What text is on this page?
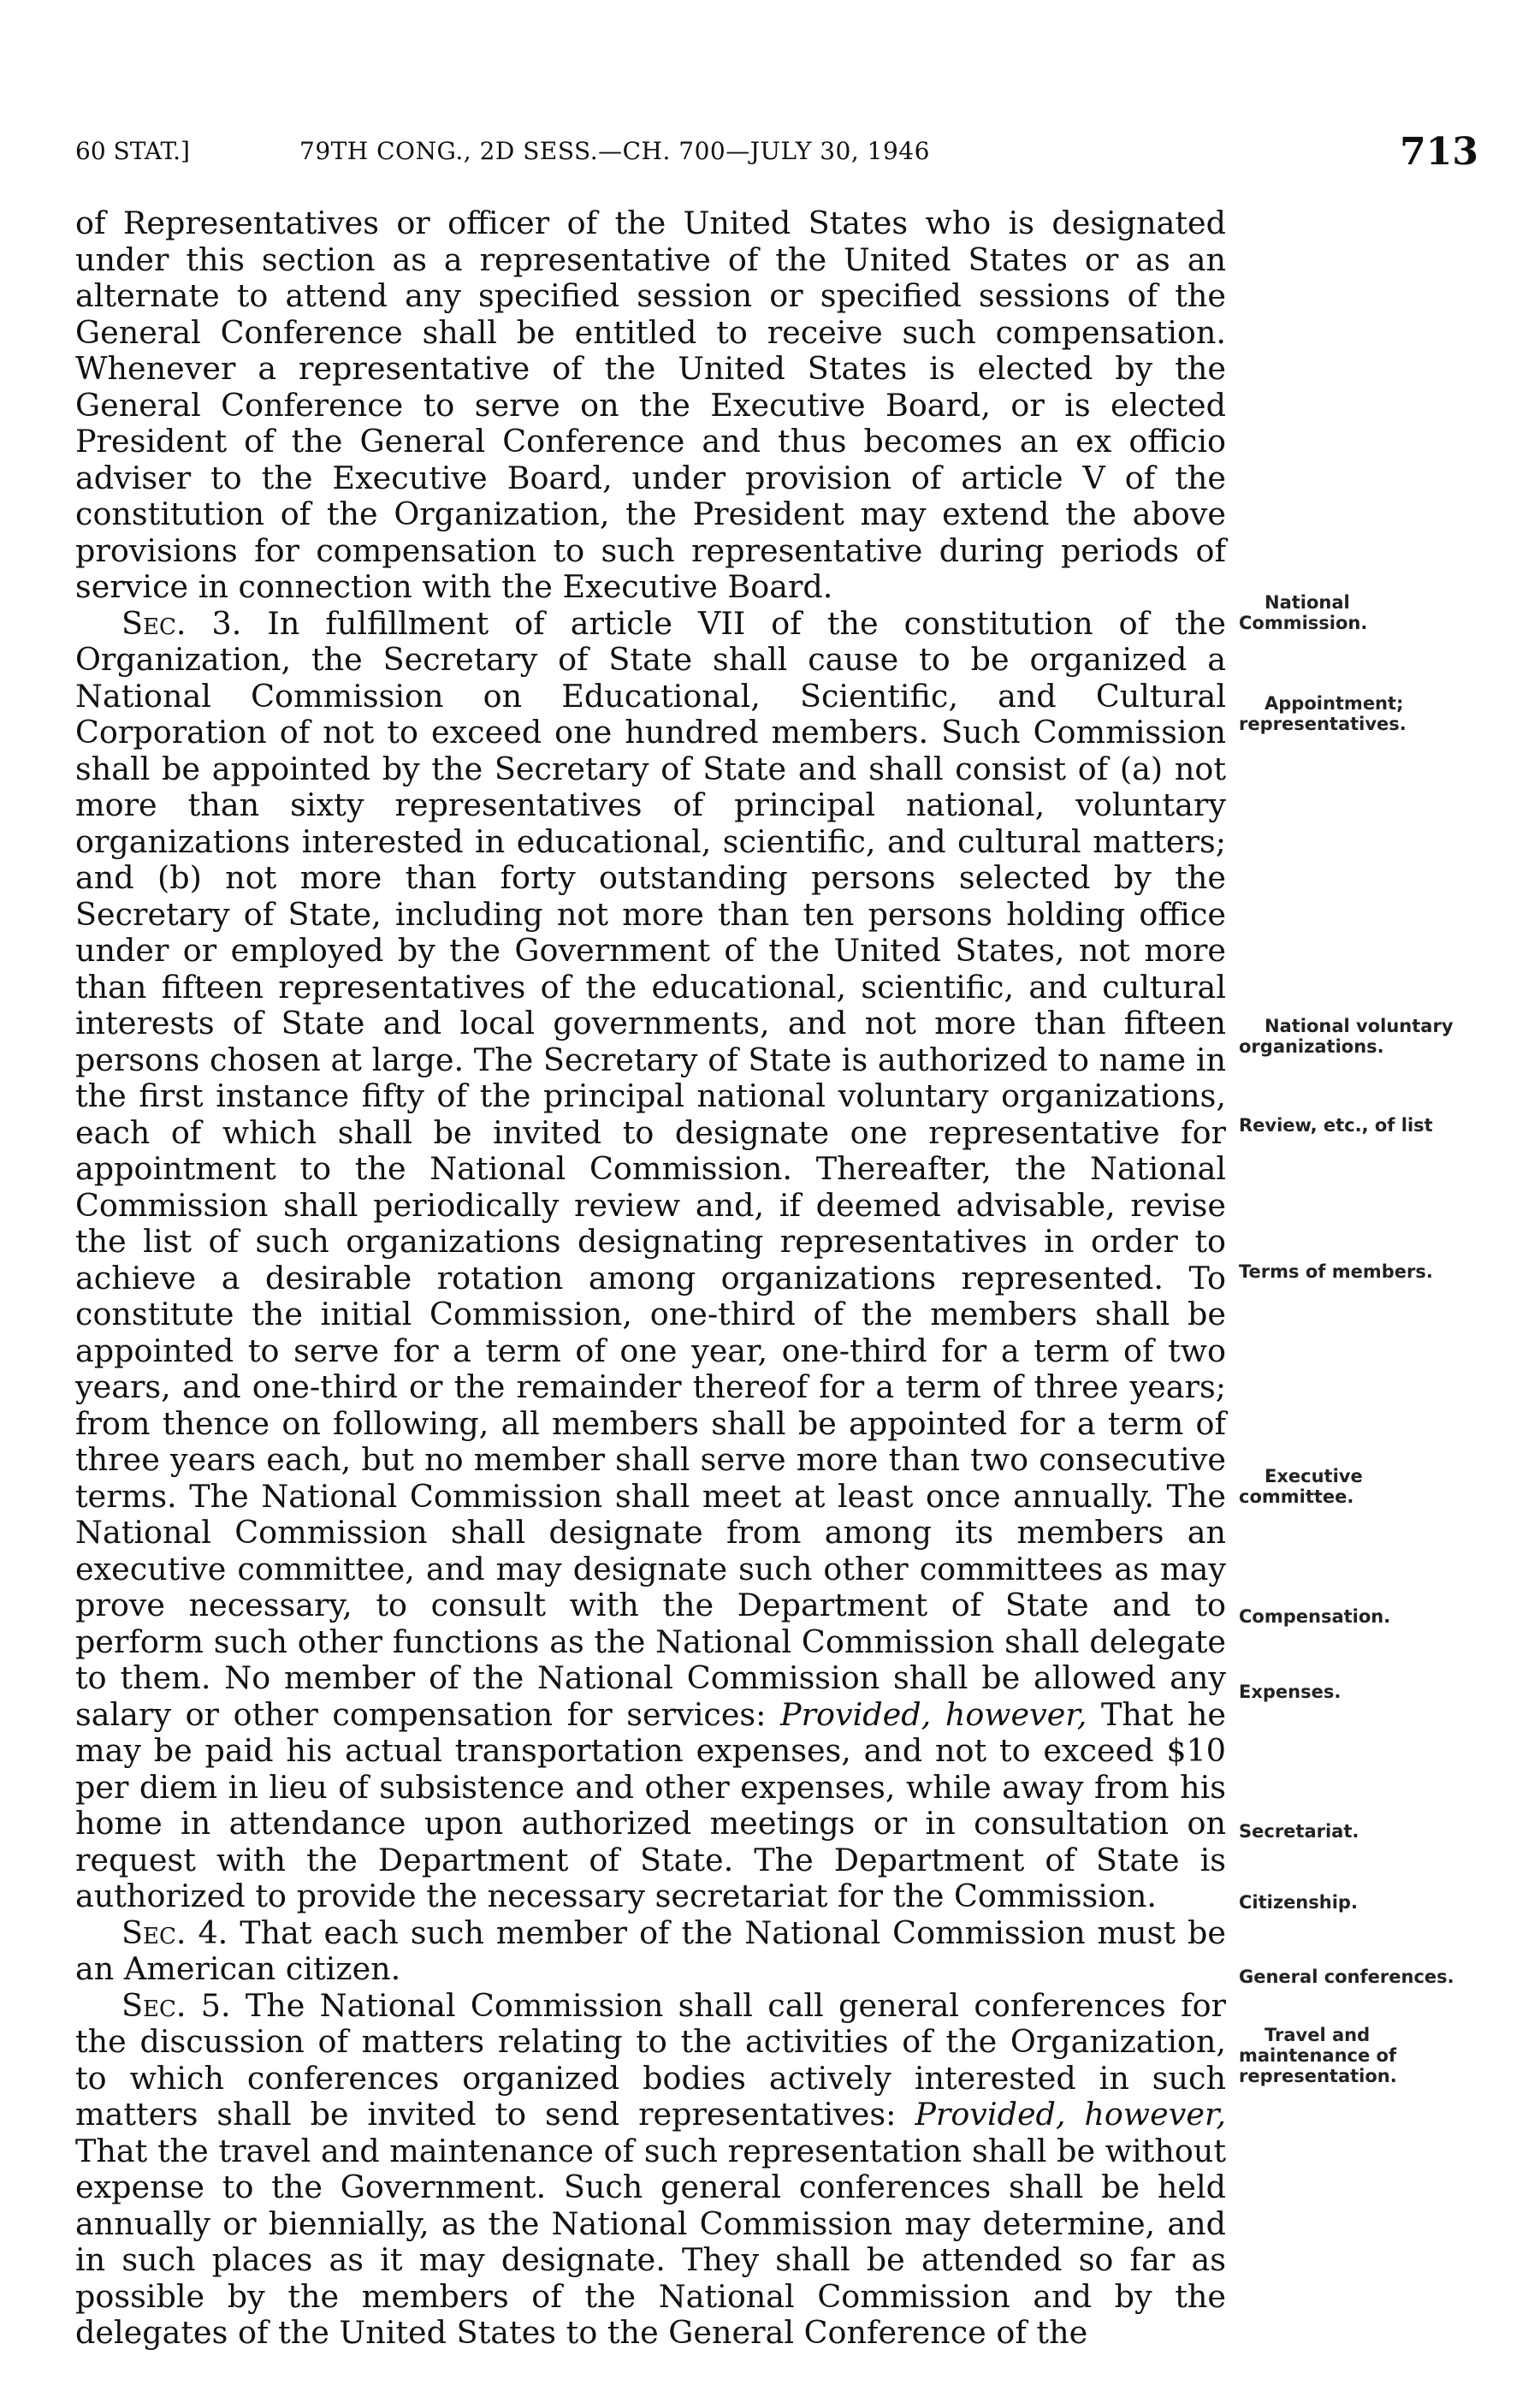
60 STAT.]	79TH CONG., 2D SESS.—CH. 700—JULY 30, 1946	713

of Representatives or officer of the United States who is designated under this section as a representative of the United States or as an alternate to attend any specified session or specified sessions of the General Conference shall be entitled to receive such compensation. Whenever a representative of the United States is elected by the General Conference to serve on the Executive Board, or is elected President of the General Conference and thus becomes an ex officio adviser to the Executive Board, under provision of article V of the constitution of the Organization, the President may extend the above provisions for compensation to such representative during periods of service in connection with the Executive Board.

Sec. 3. In fulfillment of article VII of the constitution of the Organization, the Secretary of State shall cause to be organized a National Commission on Educational, Scientific, and Cultural Corporation of not to exceed one hundred members. Such Commission shall be appointed by the Secretary of State and shall consist of (a) not more than sixty representatives of principal national, voluntary organizations interested in educational, scientific, and cultural matters; and (b) not more than forty outstanding persons selected by the Secretary of State, including not more than ten persons holding office under or employed by the Government of the United States, not more than fifteen representatives of the educational, scientific, and cultural interests of State and local governments, and not more than fifteen persons chosen at large. The Secretary of State is authorized to name in the first instance fifty of the principal national voluntary organizations, each of which shall be invited to designate one representative for appointment to the National Commission. Thereafter, the National Commission shall periodically review and, if deemed advisable, revise the list of such organizations designating representatives in order to achieve a desirable rotation among organizations represented. To constitute the initial Commission, one-third of the members shall be appointed to serve for a term of one year, one-third for a term of two years, and one-third or the remainder thereof for a term of three years; from thence on following, all members shall be appointed for a term of three years each, but no member shall serve more than two consecutive terms. The National Commission shall meet at least once annually. The National Commission shall designate from among its members an executive committee, and may designate such other committees as may prove necessary, to consult with the Department of State and to perform such other functions as the National Commission shall delegate to them. No member of the National Commission shall be allowed any salary or other compensation for services: Provided, however, That he may be paid his actual transportation expenses, and not to exceed $10 per diem in lieu of subsistence and other expenses, while away from his home in attendance upon authorized meetings or in consultation on request with the Department of State. The Department of State is authorized to provide the necessary secretariat for the Commission.

Sec. 4. That each such member of the National Commission must be an American citizen.

Sec. 5. The National Commission shall call general conferences for the discussion of matters relating to the activities of the Organization, to which conferences organized bodies actively interested in such matters shall be invited to send representatives: Provided, however, That the travel and maintenance of such representation shall be without expense to the Government. Such general conferences shall be held annually or biennially, as the National Commission may determine, and in such places as it may designate. They shall be attended so far as possible by the members of the National Commission and by the delegates of the United States to the General Conference of the

National Commission.
Appointment; representatives.
National voluntary organizations.
Review, etc., of list
Terms of members.
Executive committee.
Compensation.
Expenses.
Secretariat.
Citizenship.
General conferences.
Travel and maintenance of representation.
